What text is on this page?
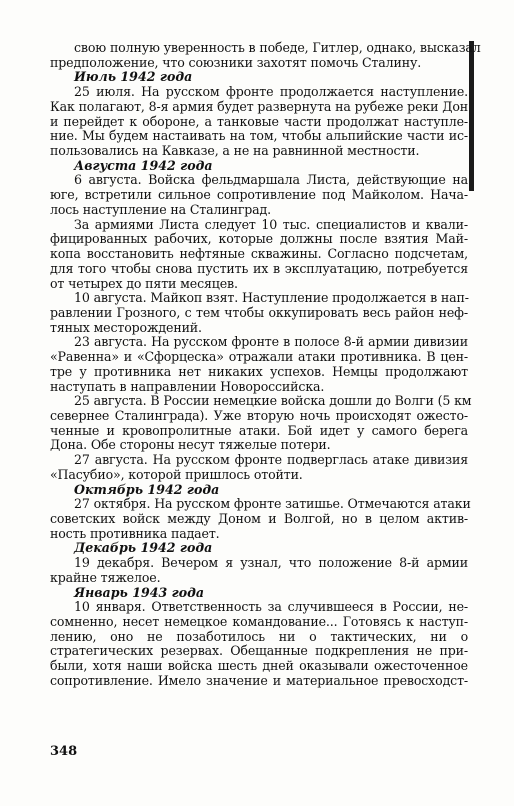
свою полную уверенность в победе, Гитлер, однако, высказал
предположение, что союзники захотят помочь Сталину.
Июль 1942 года
25 июля. На русском фронте продолжается наступление.
Как полагают, 8-я армия будет развернута на рубеже реки Дон
и перейдет к обороне, а танковые части продолжат наступле-
ние. Мы будем настаивать на том, чтобы альпийские части ис-
пользовались на Кавказе, а не на равнинной местности.
Августа 1942 года
6 августа. Войска фельдмаршала Листа, действующие на
юге, встретили сильное сопротивление под Майколом. Нача-
лось наступление на Сталинград.
За армиями Листа следует 10 тыс. специалистов и квали-
фицированных рабочих, которые должны после взятия Май-
копа восстановить нефтяные скважины. Согласно подсчетам,
для того чтобы снова пустить их в эксплуатацию, потребуется
от четырех до пяти месяцев.
10 августа. Майкоп взят. Наступление продолжается в нап-
равлении Грозного, с тем чтобы оккупировать весь район неф-
тяных месторождений.
23 августа. На русском фронте в полосе 8-й армии дивизии
«Равенна» и «Сфорцеска» отражали атаки противника. В цен-
тре у противника нет никаких успехов. Немцы продолжают
наступать в направлении Новороссийска.
25 августа. В России немецкие войска дошли до Волги (5 км
севернее Сталинграда). Уже вторую ночь происходят ожесто-
ченные и кровопролитные атаки. Бой идет у самого берега
Дона. Обе стороны несут тяжелые потери.
27 августа. На русском фронте подверглась атаке дивизия
«Пасубио», которой пришлось отойти.
Октябрь 1942 года
27 октября. На русском фронте затишье. Отмечаются атаки
советских войск между Доном и Волгой, но в целом актив-
ность противника падает.
Декабрь 1942 года
19 декабря. Вечером я узнал, что положение 8-й армии
крайне тяжелое.
Январь 1943 года
10 января. Ответственность за случившееся в России, не-
сомненно, несет немецкое командование... Готовясь к наступ-
лению, оно не позаботилось ни о тактических, ни о
стратегических резервах. Обещанные подкрепления не при-
были, хотя наши войска шесть дней оказывали ожесточенное
сопротивление. Имело значение и материальное превосходст-
348
